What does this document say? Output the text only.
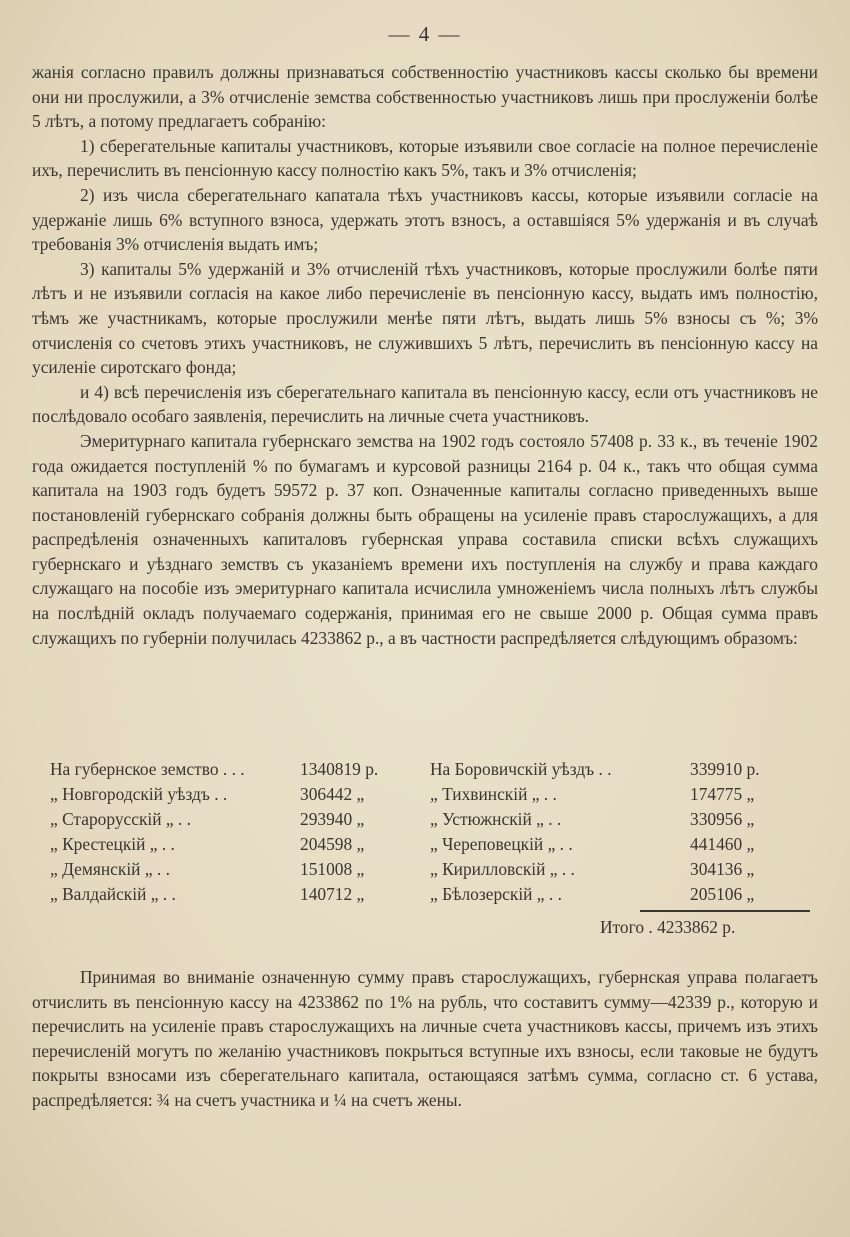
— 4 —

жанія согласно правилъ должны признаваться собственностію участниковъ кассы сколько бы времени они ни прослужили, а 3% отчисленіе земства собственностью участниковъ лишь при прослуженіи болѣе 5 лѣтъ, а потому предлагаетъ собранію:

1) сберегательные капиталы участниковъ, которые изъявили свое согласіе на полное перечисленіе ихъ, перечислить въ пенсіонную кассу полностію какъ 5%, такъ и 3% отчисленія;

2) изъ числа сберегательнаго капатала тѣхъ участниковъ кассы, которые изъявили согласіе на удержаніе лишь 6% вступного взноса, удержать этотъ взносъ, а оставшіяся 5% удержанія и въ случаѣ требованія 3% отчисленія выдать имъ;

3) капиталы 5% удержаній и 3% отчисленій тѣхъ участниковъ, которые прослужили болѣе пяти лѣтъ и не изъявили согласія на какое либо перечисленіе въ пенсіонную кассу, выдать имъ полностію, тѣмъ же участникамъ, которые прослужили менѣе пяти лѣтъ, выдать лишь 5% взносы съ %; 3% отчисленія со счетовъ этихъ участниковъ, не служившихъ 5 лѣтъ, перечислить въ пенсіонную кассу на усиленіе сиротскаго фонда;

и 4) всѣ перечисленія изъ сберегательнаго капитала въ пенсіонную кассу, если отъ участниковъ не послѣдовало особаго заявленія, перечислить на личные счета участниковъ.

Эмеритурнаго капитала губернскаго земства на 1902 годъ состояло 57408 р. 33 к., въ теченіе 1902 года ожидается поступленій % по бумагамъ и курсовой разницы 2164 р. 04 к., такъ что общая сумма капитала на 1903 годъ будетъ 59572 р. 37 коп. Означенные капиталы согласно приведенныхъ выше постановленій губернскаго собранія должны быть обращены на усиленіе правъ старослужащихъ, а для распредѣленія означенныхъ капиталовъ губернская управа составила списки всѣхъ служащихъ губернскаго и уѣзднаго земствъ съ указаніемъ времени ихъ поступленія на службу и права каждаго служащаго на пособіе изъ эмеритурнаго капитала исчислила умноженіемъ числа полныхъ лѣтъ службы на послѣдній окладъ получаемаго содержанія, принимая его не свыше 2000 р. Общая сумма правъ служащихъ по губерніи получилась 4233862 р., а въ частности распредѣляется слѣдующимъ образомъ:

На губернское земство . . .	1340819 р.	На Боровичскій уѣздъ . .	339910 р.
„ Новгородскій уѣздъ . .	306442 „	„ Тихвинскій „ . .	174775 „
„ Старорусскій „ . .	293940 „	„ Устюжнскій „ . .	330956 „
„ Крестецкій „ . .	204598 „	„ Череповецкій „ . .	441460 „
„ Демянскій „ . .	151008 „	„ Кирилловскій „ . .	304136 „
„ Валдайскій „ . .	140712 „	„ Бѣлозерскій „ . .	205106 „
Итого . 4233862 р.

Принимая во вниманіе означенную сумму правъ старослужащихъ, губернская управа полагаетъ отчислить въ пенсіонную кассу на 4233862 по 1% на рубль, что составитъ сумму—42339 р., которую и перечислить на усиленіе правъ старослужащихъ на личные счета участниковъ кассы, причемъ изъ этихъ перечисленій могутъ по желанію участниковъ покрыться вступные ихъ взносы, если таковые не будутъ покрыты взносами изъ сберегательнаго капитала, остающаяся затѣмъ сумма, согласно ст. 6 устава, распредѣляется: ¾ на счетъ участника и ¼ на счетъ жены.
